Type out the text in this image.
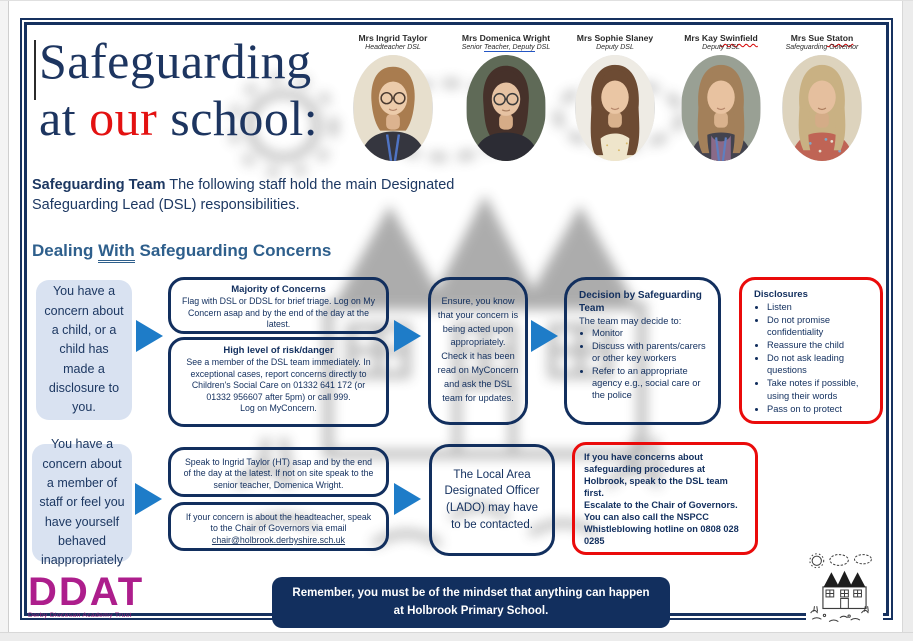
Safeguarding
at our school:
Mrs Ingrid Taylor
Headteacher DSL
Mrs Domenica Wright
Senior Teacher, Deputy DSL
Mrs Sophie Slaney
Deputy DSL
Mrs Kay Swinfield
Deputy DSL
Mrs Sue Staton
Safeguarding Governor
Safeguarding Team The following staff hold the main Designated Safeguarding Lead (DSL) responsibilities.
Dealing With Safeguarding Concerns
You have a concern about a child, or a child has made a disclosure to you.
Majority of Concerns
Flag with DSL or DDSL for brief triage. Log on My Concern asap and by the end of the day at the latest.
High level of risk/danger
See a member of the DSL team immediately. In exceptional cases, report concerns directly to Children's Social Care on 01332 641 172 (or 01332 956607 after 5pm) or call 999.
Log on MyConcern.
Ensure, you know that your concern is being acted upon appropriately. Check it has been read on MyConcern and ask the DSL team for updates.
Decision by Safeguarding Team
The team may decide to:
• Monitor
• Discuss with parents/carers or other key workers
• Refer to an appropriate agency e.g., social care or the police
Disclosures
• Listen
• Do not promise confidentiality
• Reassure the child
• Do not ask leading questions
• Take notes if possible, using their words
• Pass on to protect
You have a concern about a member of staff or feel you have yourself behaved inappropriately
Speak to Ingrid Taylor (HT) asap and by the end of the day at the latest. If not on site speak to the senior teacher, Domenica Wright.
If your concern is about the headteacher, speak to the Chair of Governors via email chair@holbrook.derbyshire.sch.uk
The Local Area Designated Officer (LADO) may have to be contacted.
If you have concerns about safeguarding procedures at Holbrook, speak to the DSL team first.
Escalate to the Chair of Governors.
You can also call the NSPCC Whistleblowing hotline on 0808 028 0285
DDAT
Derby Diocesan Academy Trust
Remember, you must be of the mindset that anything can happen at Holbrook Primary School.
